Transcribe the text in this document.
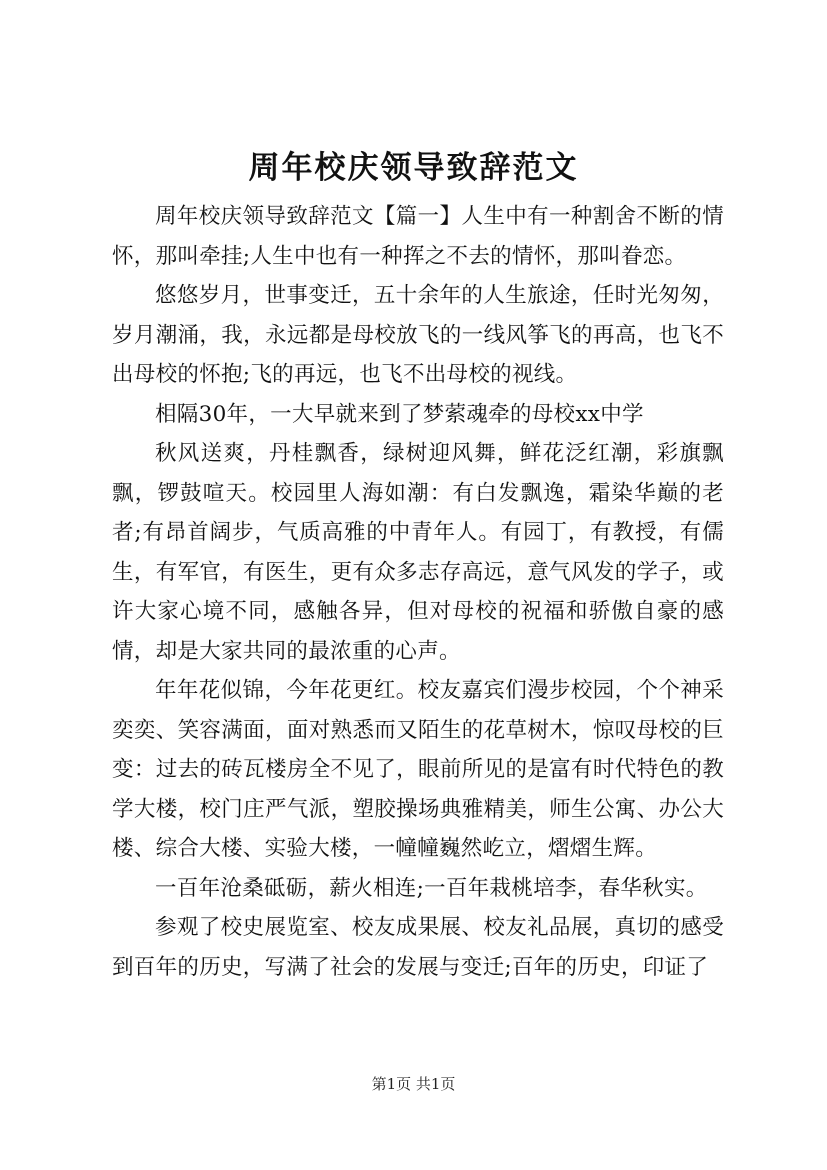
周年校庆领导致辞范文

周年校庆领导致辞范文【篇一】人生中有一种割舍不断的情怀，那叫牵挂;人生中也有一种挥之不去的情怀，那叫眷恋。

悠悠岁月，世事变迁，五十余年的人生旅途，任时光匆匆，岁月潮涌，我，永远都是母校放飞的一线风筝飞的再高，也飞不出母校的怀抱;飞的再远，也飞不出母校的视线。

相隔30年，一大早就来到了梦萦魂牵的母校xx中学

秋风送爽，丹桂飘香，绿树迎风舞，鲜花泛红潮，彩旗飘飘，锣鼓喧天。校园里人海如潮：有白发飘逸，霜染华巅的老者;有昂首阔步，气质高雅的中青年人。有园丁，有教授，有儒生，有军官，有医生，更有众多志存高远，意气风发的学子，或许大家心境不同，感触各异，但对母校的祝福和骄傲自豪的感情，却是大家共同的最浓重的心声。

年年花似锦，今年花更红。校友嘉宾们漫步校园，个个神采奕奕、笑容满面，面对熟悉而又陌生的花草树木，惊叹母校的巨变：过去的砖瓦楼房全不见了，眼前所见的是富有时代特色的教学大楼，校门庄严气派，塑胶操场典雅精美，师生公寓、办公大楼、综合大楼、实验大楼，一幢幢巍然屹立，熠熠生辉。

一百年沧桑砥砺，薪火相连;一百年栽桃培李，春华秋实。

参观了校史展览室、校友成果展、校友礼品展，真切的感受到百年的历史，写满了社会的发展与变迁;百年的历史，印证了

第1页 共1页
